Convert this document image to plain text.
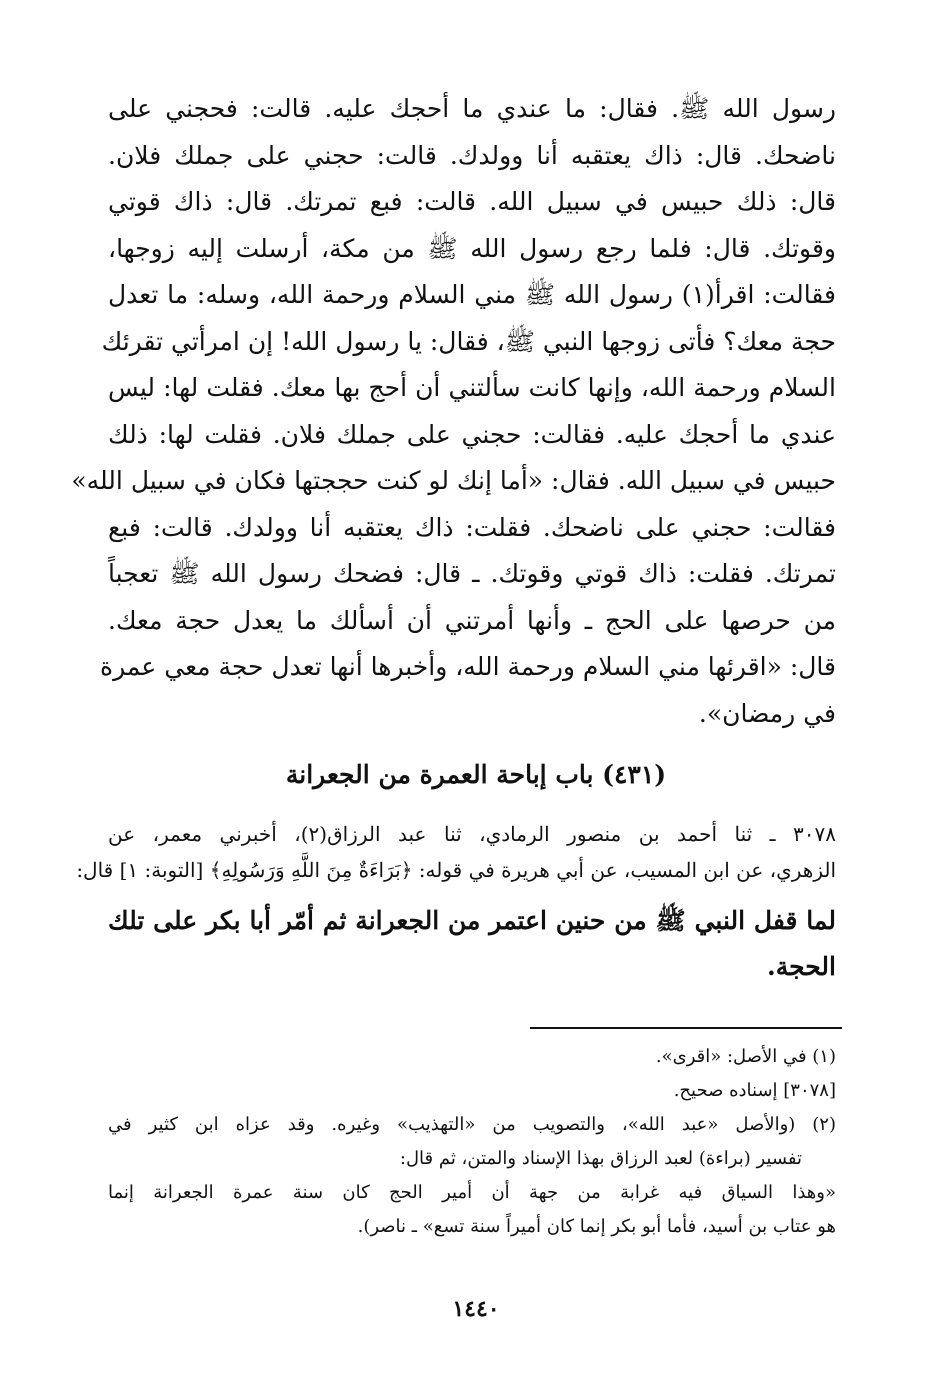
رسول الله ﷺ. فقال: ما عندي ما أحجك عليه. قالت: فحجني على
ناضحك. قال: ذاك يعتقبه أنا وولدك. قالت: حجني على جملك فلان.
قال: ذلك حبيس في سبيل الله. قالت: فبع تمرتك. قال: ذاك قوتي
وقوتك. قال: فلما رجع رسول الله ﷺ من مكة، أرسلت إليه زوجها،
فقالت: اقرأ(١) رسول الله ﷺ مني السلام ورحمة الله، وسله: ما تعدل
حجة معك؟ فأتى زوجها النبي ﷺ، فقال: يا رسول الله! إن امرأتي تقرئك
السلام ورحمة الله، وإنها كانت سألتني أن أحج بها معك. فقلت لها: ليس
عندي ما أحجك عليه. فقالت: حجني على جملك فلان. فقلت لها: ذلك
حبيس في سبيل الله. فقال: «أما إنك لو كنت حججتها فكان في سبيل الله»
فقالت: حجني على ناضحك. فقلت: ذاك يعتقبه أنا وولدك. قالت: فبع
تمرتك. فقلت: ذاك قوتي وقوتك. ـ قال: فضحك رسول الله ﷺ تعجباً
من حرصها على الحج ـ وأنها أمرتني أن أسألك ما يعدل حجة معك.
قال: «اقرئها مني السلام ورحمة الله، وأخبرها أنها تعدل حجة معي عمرة
في رمضان».
(٤٣١) باب إباحة العمرة من الجعرانة
٣٠٧٨ ـ ثنا أحمد بن منصور الرمادي، ثنا عبد الرزاق(٢)، أخبرني معمر، عن
الزهري، عن ابن المسيب، عن أبي هريرة في قوله: ﴿بَرَاءَةٌ مِنَ اللَّهِ وَرَسُولِهِ﴾ [التوبة: ١] قال:
لما قفل النبي ﷺ من حنين اعتمر من الجعرانة ثم أمّر أبا بكر على تلك
الحجة.
(١) في الأصل: «اقرى».
[٣٠٧٨] إسناده صحيح.
(٢) (والأصل «عبد الله»، والتصويب من «التهذيب» وغيره. وقد عزاه ابن كثير في
تفسير (براءة) لعبد الرزاق بهذا الإسناد والمتن، ثم قال:
«وهذا السياق فيه غرابة من جهة أن أمير الحج كان سنة عمرة الجعرانة إنما
هو عتاب بن أسيد، فأما أبو بكر إنما كان أميراً سنة تسع» ـ ناصر).
١٤٤٠
